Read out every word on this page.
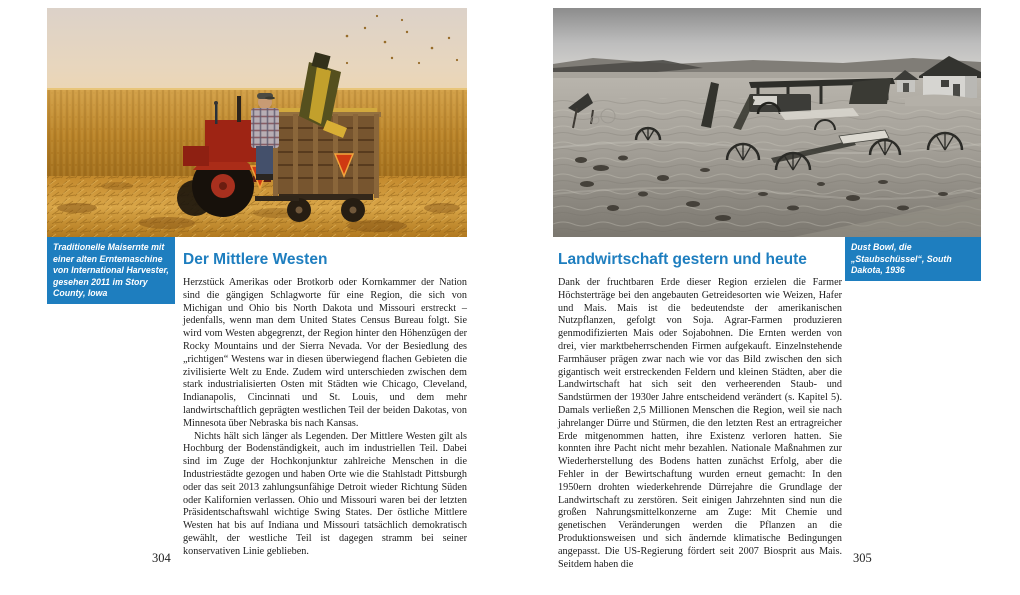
Traditionelle Maisernte mit einer alten Erntemaschine von International Harvester, gesehen 2011 im Story County, Iowa
Der Mittlere Westen

Herzstück Amerikas oder Brotkorb oder Kornkammer der Nation sind die gängigen Schlagworte für eine Region, die sich von Michigan und Ohio bis North Dakota und Missouri erstreckt – jedenfalls, wenn man dem United States Census Bureau folgt. Sie wird vom Westen abgegrenzt, der Region hinter den Höhenzügen der Rocky Mountains und der Sierra Nevada. Vor der Besiedlung des „richtigen“ Westens war in diesen überwiegend flachen Gebieten die zivilisierte Welt zu Ende. Zudem wird unterschieden zwischen dem stark industrialisierten Osten mit Städten wie Chicago, Cleveland, Indianapolis, Cincinnati und St. Louis, und dem mehr landwirtschaftlich geprägten westlichen Teil der beiden Dakotas, von Minnesota über Nebraska bis nach Kansas.

Nichts hält sich länger als Legenden. Der Mittlere Westen gilt als Hochburg der Bodenständigkeit, auch im industriellen Teil. Dabei sind im Zuge der Hochkonjunktur zahlreiche Menschen in die Industriestädte gezogen und haben Orte wie die Stahlstadt Pittsburgh oder das seit 2013 zahlungsunfähige Detroit wieder Richtung Süden oder Kalifornien verlassen. Ohio und Missouri waren bei der letzten Präsidentschaftswahl wichtige Swing States. Der östliche Mittlere Westen hat bis auf Indiana und Missouri tatsächlich demokratisch gewählt, der westliche Teil ist dagegen stramm bei seiner konservativen Linie geblieben.

304
Dust Bowl, die „Staubschüssel“, South Dakota, 1936
Landwirtschaft gestern und heute

Dank der fruchtbaren Erde dieser Region erzielen die Farmer Höchsterträge bei den angebauten Getreidesorten wie Weizen, Hafer und Mais. Mais ist die bedeutendste der amerikanischen Nutzpflanzen, gefolgt von Soja. Agrar-Farmen produzieren genmodifizierten Mais oder Sojabohnen. Die Ernten werden von drei, vier marktbeherrschenden Firmen aufgekauft. Einzelnstehende Farmhäuser prägen zwar nach wie vor das Bild zwischen den sich gigantisch weit erstreckenden Feldern und kleinen Städten, aber die Landwirtschaft hat sich seit den verheerenden Staub- und Sandstürmen der 1930er Jahre entscheidend verändert (s. Kapitel 5). Damals verließen 2,5 Millionen Menschen die Region, weil sie nach jahrelanger Dürre und Stürmen, die den letzten Rest an ertragreicher Erde mitgenommen hatten, ihre Existenz verloren hatten. Sie konnten ihre Pacht nicht mehr bezahlen. Nationale Maßnahmen zur Wiederherstellung des Bodens hatten zunächst Erfolg, aber die Fehler in der Bewirtschaftung wurden erneut gemacht: In den 1950ern drohten wiederkehrende Dürrejahre die Grundlage der Landwirtschaft zu zerstören. Seit einigen Jahrzehnten sind nun die großen Nahrungsmittelkonzerne am Zuge: Mit Chemie und genetischen Veränderungen werden die Pflanzen an die Produktionsweisen und sich ändernde klimatische Bedingungen angepasst. Die US-Regierung fördert seit 2007 Biosprit aus Mais. Seitdem haben die	305
